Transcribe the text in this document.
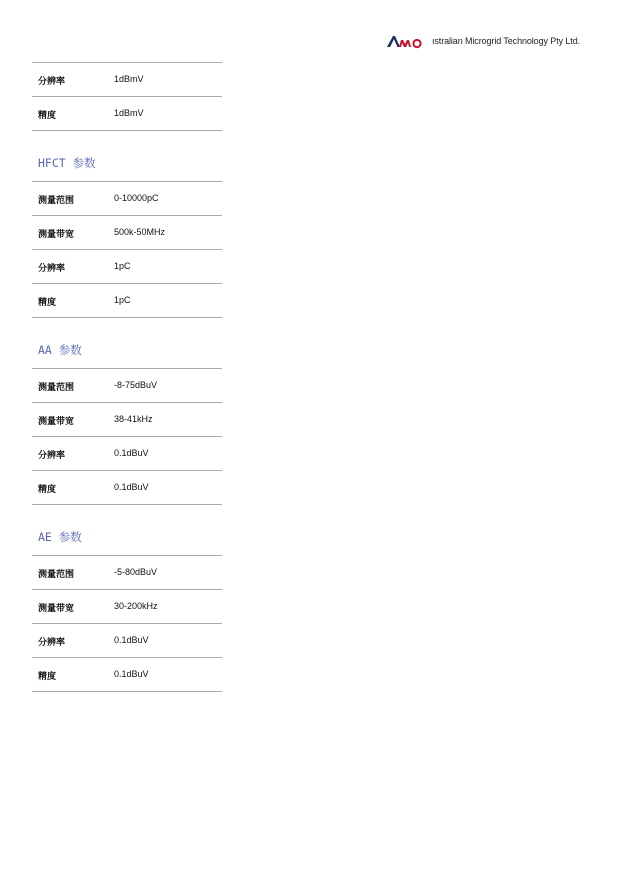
ıstralian Microgrid Technology Pty Ltd.
分辨率	1dBmV
精度	1dBmV
HFCT 参数
测量范围	0-10000pC
测量带宽	500k-50MHz
分辨率	1pC
精度	1pC
AA 参数
测量范围	-8-75dBuV
测量带宽	38-41kHz
分辨率	0.1dBuV
精度	0.1dBuV
AE 参数
测量范围	-5-80dBuV
测量带宽	30-200kHz
分辨率	0.1dBuV
精度	0.1dBuV
